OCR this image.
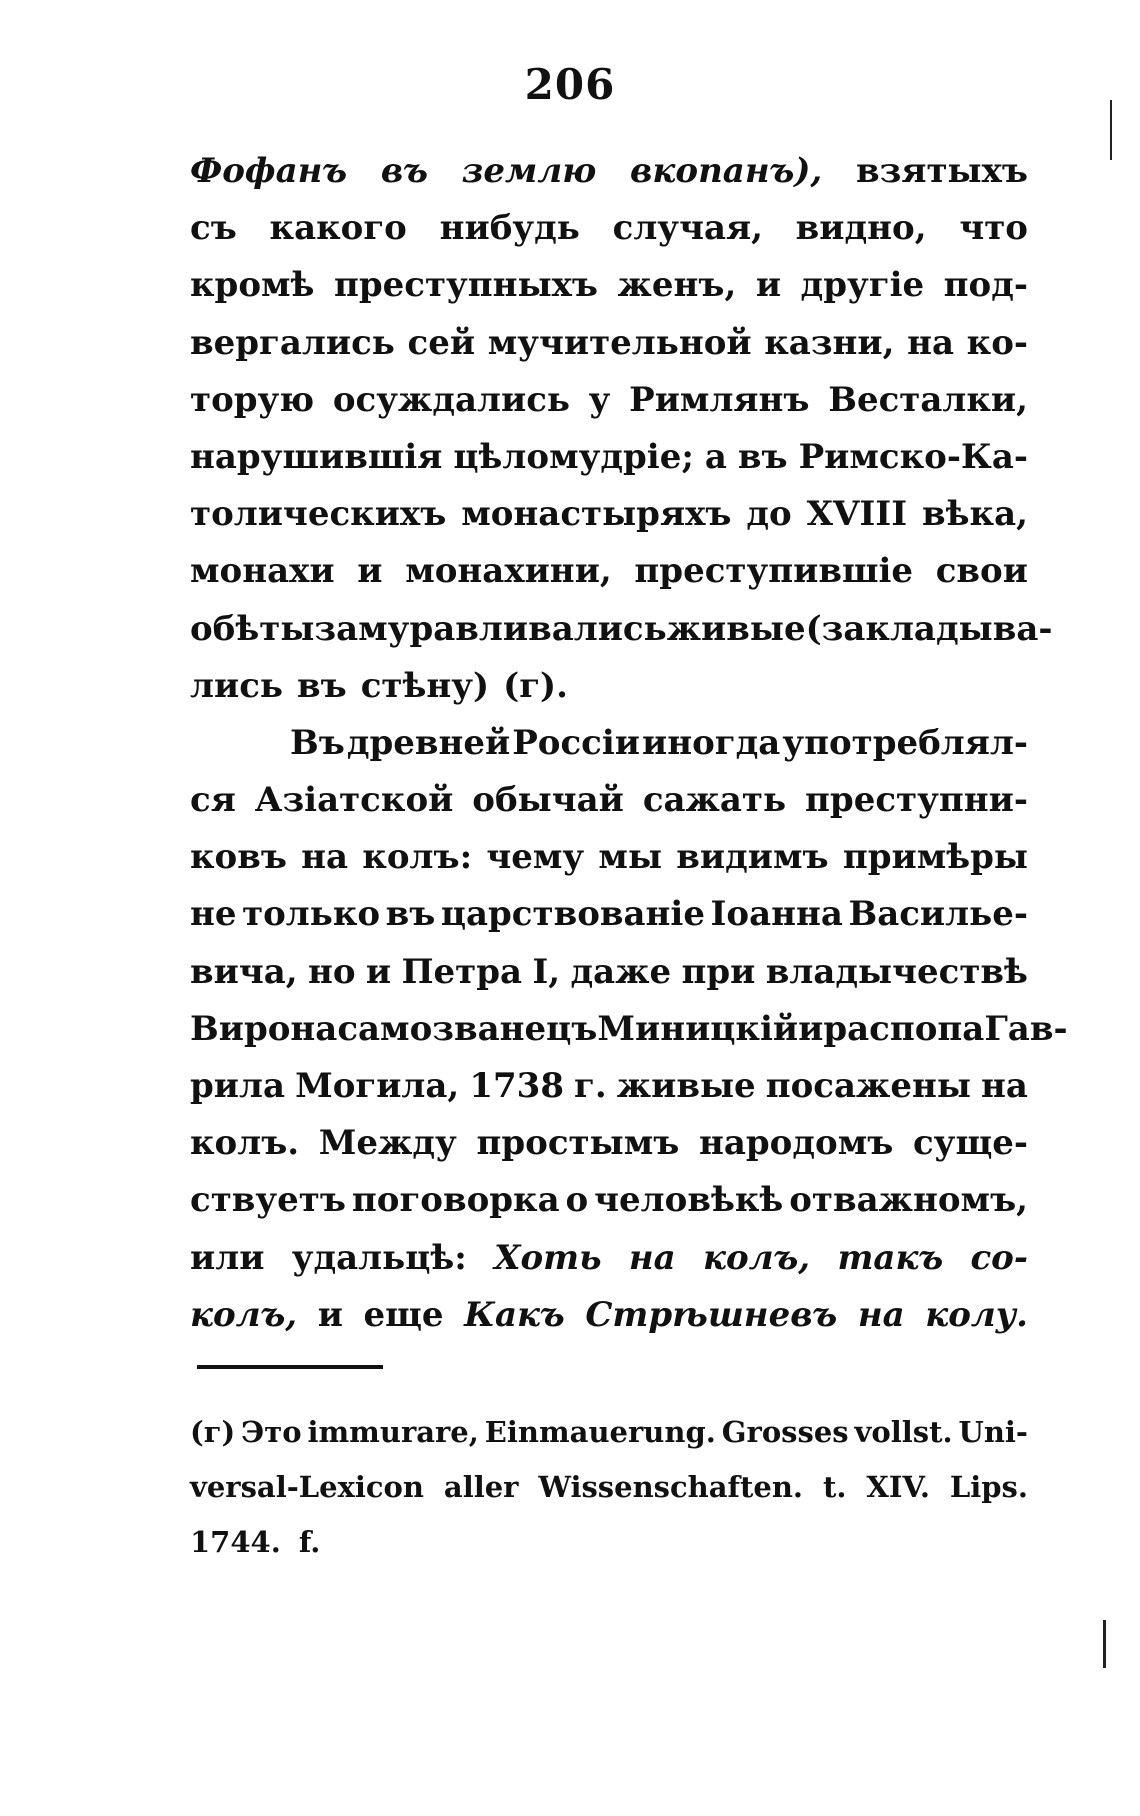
206
Фофанъ въ землю вкопанъ), взятыхъ
съ какого нибудь случая, видно, что
кромѣ преступныхъ женъ, и другіе под-
вергались сей мучительной казни, на ко-
торую осуждались у Римлянъ Весталки,
нарушившія цѣломудріе; а въ Римско-Ка-
толическихъ монастыряхъ до XVIII вѣка,
монахи и монахини, преступившіе свои
обѣты замуравливались живые (закладыва-
лись въ стѣну) (г).
Въ древней Россіи иногда употреблял-
ся Азіатской обычай сажать преступни-
ковъ на колъ: чему мы видимъ примѣры
не только въ царствованіе Іоанна Василье-
вича, но и Петра I, даже при владычествѣ
Вирона самозванецъ Миницкій и распопа Гав-
рила Могила, 1738 г. живые посажены на
колъ. Между простымъ народомъ суще-
ствуетъ поговорка о человѣкѣ отважномъ,
или удальцѣ: Хоть на колъ, такъ со-
колъ, и еще Какъ Стрѣшневъ на колу.
(г) Это immurare, Einmauerung. Grosses vollst. Uni-
versal-Lexicon aller Wissenschaften. t. XIV. Lips.
1744. f.
